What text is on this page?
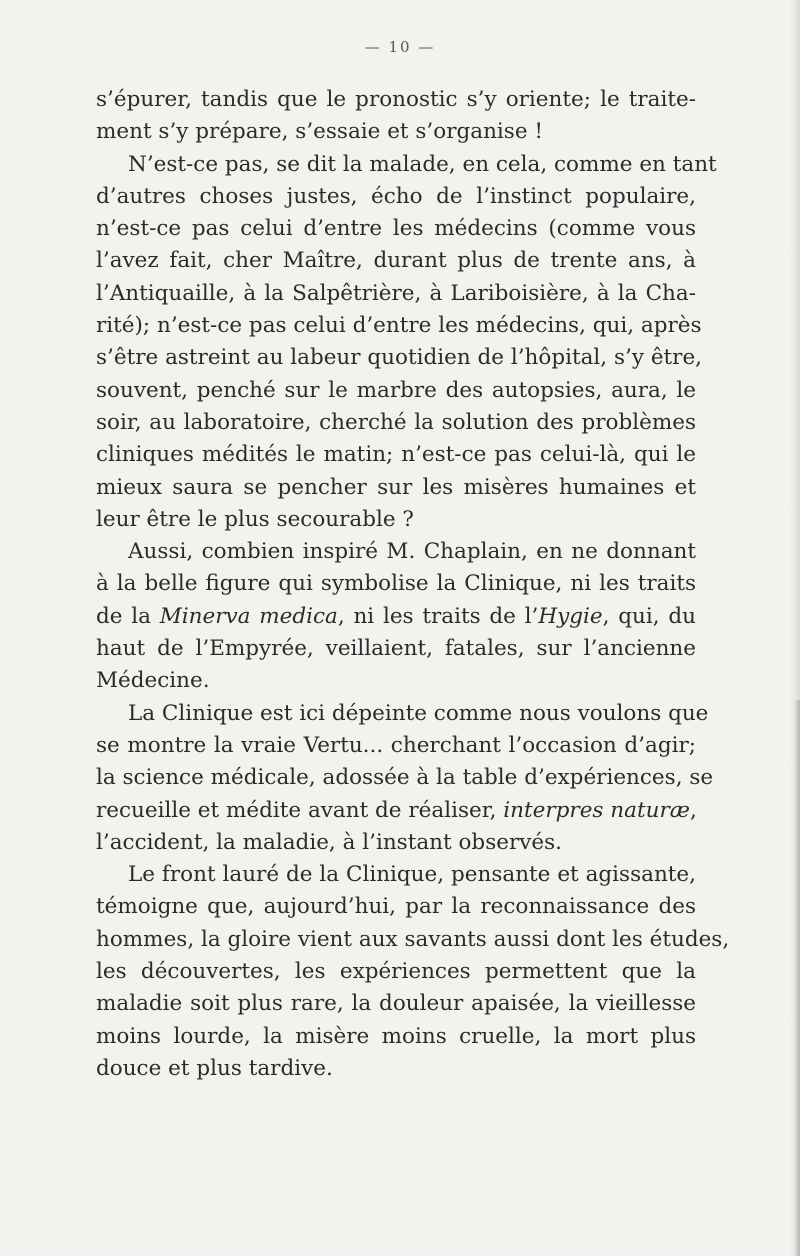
— 10 —
s’épurer, tandis que le pronostic s’y oriente; le traite-
ment s’y prépare, s’essaie et s’organise !
N’est-ce pas, se dit la malade, en cela, comme en tant
d’autres choses justes, écho de l’instinct populaire,
n’est-ce pas celui d’entre les médecins (comme vous
l’avez fait, cher Maître, durant plus de trente ans, à
l’Antiquaille, à la Salpêtrière, à Lariboisière, à la Cha-
rité); n’est-ce pas celui d’entre les médecins, qui, après
s’être astreint au labeur quotidien de l’hôpital, s’y être,
souvent, penché sur le marbre des autopsies, aura, le
soir, au laboratoire, cherché la solution des problèmes
cliniques médités le matin; n’est-ce pas celui-là, qui le
mieux saura se pencher sur les misères humaines et
leur être le plus secourable ?
Aussi, combien inspiré M. Chaplain, en ne donnant
à la belle figure qui symbolise la Clinique, ni les traits
de la Minerva medica, ni les traits de l’Hygie, qui, du
haut de l’Empyrée, veillaient, fatales, sur l’ancienne
Médecine.
La Clinique est ici dépeinte comme nous voulons que
se montre la vraie Vertu... cherchant l’occasion d’agir;
la science médicale, adossée à la table d’expériences, se
recueille et médite avant de réaliser, interpres naturæ,
l’accident, la maladie, à l’instant observés.
Le front lauré de la Clinique, pensante et agissante,
témoigne que, aujourd’hui, par la reconnaissance des
hommes, la gloire vient aux savants aussi dont les études,
les découvertes, les expériences permettent que la
maladie soit plus rare, la douleur apaisée, la vieillesse
moins lourde, la misère moins cruelle, la mort plus
douce et plus tardive.
